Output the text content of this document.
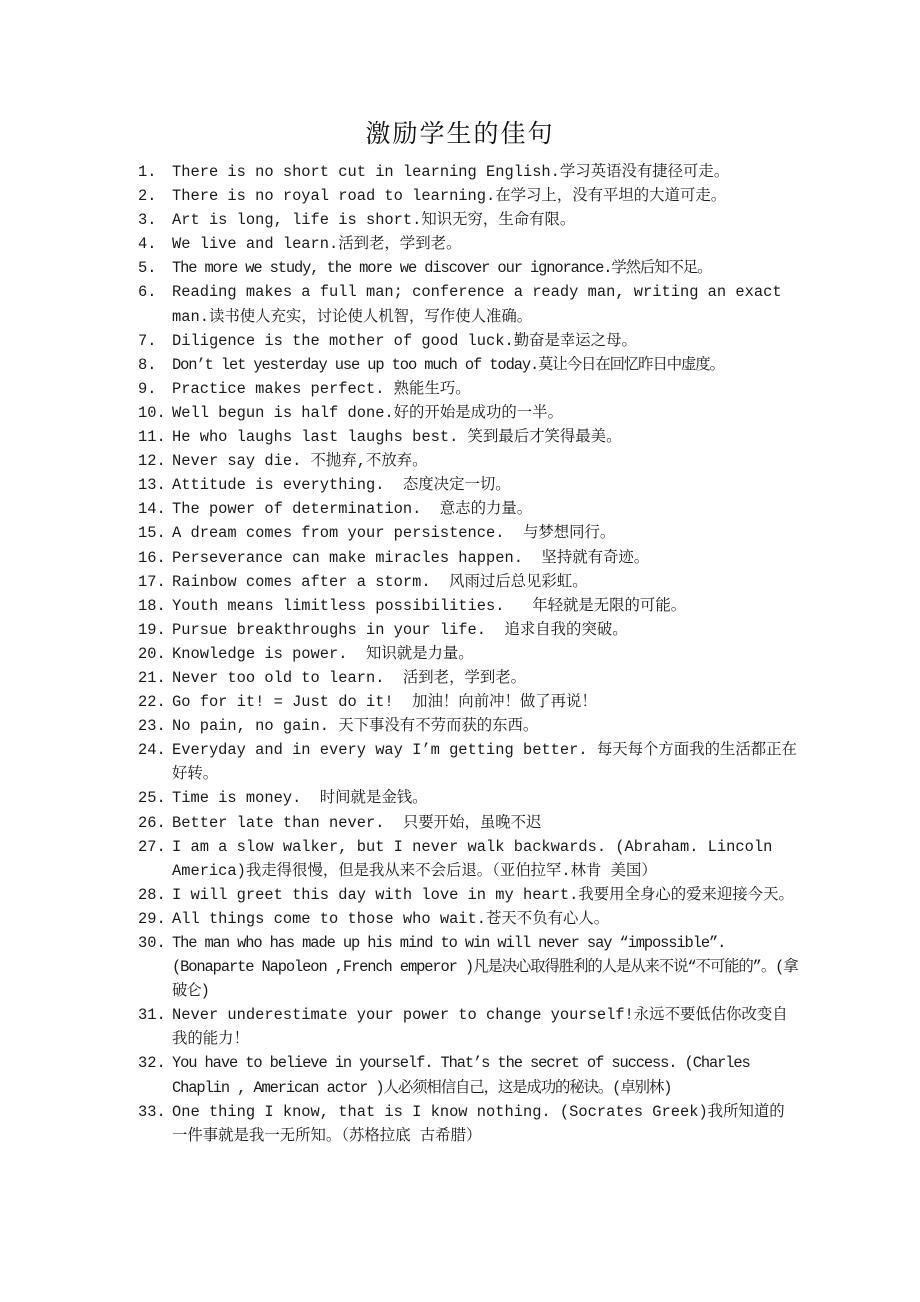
激励学生的佳句
1.	There is no short cut in learning English.学习英语没有捷径可走。
2.	There is no royal road to learning.在学习上，没有平坦的大道可走。
3.	Art is long, life is short.知识无穷，生命有限。
4.	We live and learn.活到老，学到老。
5.	The more we study, the more we discover our ignorance.学然后知不足。
6.	Reading makes a full man; conference a ready man, writing an exact man.读书使人充实，讨论使人机智，写作使人准确。
7.	Diligence is the mother of good luck.勤奋是幸运之母。
8.	Don’t let yesterday use up too much of today.莫让今日在回忆昨日中虚度。
9.	Practice makes perfect. 熟能生巧。
10. Well begun is half done.好的开始是成功的一半。
11. He who laughs last laughs best. 笑到最后才笑得最美。
12. Never say die. 不抛弃,不放弃。
13. Attitude is everything.  态度决定一切。
14. The power of determination.  意志的力量。
15. A dream comes from your persistence.  与梦想同行。
16. Perseverance can make miracles happen.  坚持就有奇迹。
17. Rainbow comes after a storm.  风雨过后总见彩虹。
18. Youth means limitless possibilities.   年轻就是无限的可能。
19. Pursue breakthroughs in your life.  追求自我的突破。
20. Knowledge is power.  知识就是力量。
21. Never too old to learn.  活到老，学到老。
22. Go for it! = Just do it!  加油！向前冲！做了再说！
23. No pain, no gain. 天下事没有不劳而获的东西。
24. Everyday and in every way I’m getting better. 每天每个方面我的生活都正在好转。
25. Time is money.  时间就是金钱。
26. Better late than never.  只要开始，虽晚不迟
27. I am a slow walker, but I never walk backwards. (Abraham. Lincoln America)我走得很慢，但是我从来不会后退。（亚伯拉罕.林肯 美国）
28. I will greet this day with love in my heart.我要用全身心的爱来迎接今天。
29. All things come to those who wait.苍天不负有心人。
30. The man who has made up his mind to win will never say “impossible”.(Bonaparte Napoleon ,French emperor )凡是决心取得胜利的人是从来不说“不可能的”。(拿破仑)
31. Never underestimate your power to change yourself!永远不要低估你改变自我的能力！
32. You have to believe in yourself. That’s the secret of success. (Charles Chaplin , American actor )人必须相信自己，这是成功的秘诀。(卓别林)
33. One thing I know, that is I know nothing. (Socrates Greek)我所知道的一件事就是我一无所知。（苏格拉底 古希腊）
